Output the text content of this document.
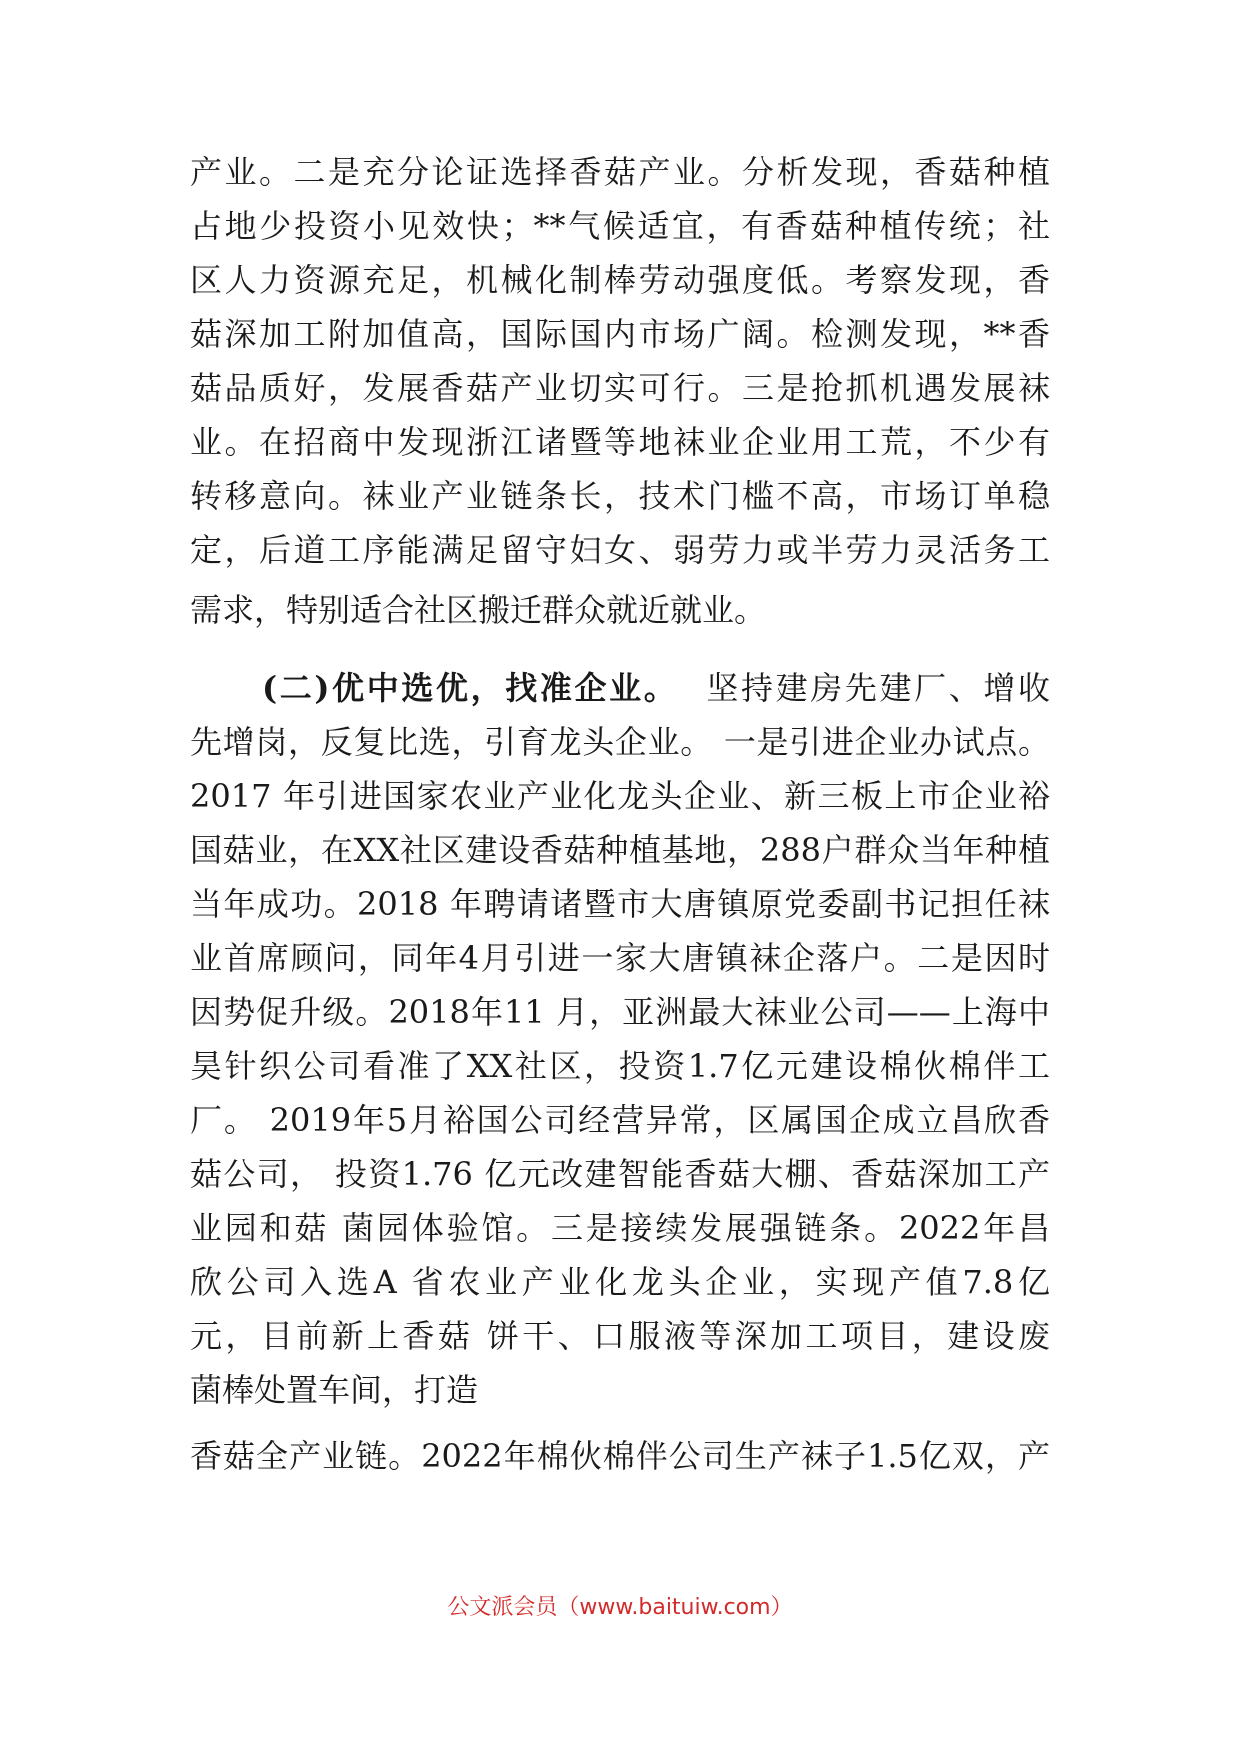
产业。二是充分论证选择香菇产业。分析发现，香菇种植
占地少投资小见效快；**气候适宜，有香菇种植传统；社
区人力资源充足，机械化制棒劳动强度低。考察发现，香
菇深加工附加值高，国际国内市场广阔。检测发现，**香
菇品质好，发展香菇产业切实可行。三是抢抓机遇发展袜
业。在招商中发现浙江诸暨等地袜业企业用工荒，不少有
转移意向。袜业产业链条长，技术门槛不高，市场订单稳
定，后道工序能满足留守妇女、弱劳力或半劳力灵活务工
需求，特别适合社区搬迁群众就近就业。
(二)优中选优，找准企业。 坚持建房先建厂、增收
先增岗，反复比选，引育龙头企业。 一是引进企业办试点。
2017 年引进国家农业产业化龙头企业、新三板上市企业裕
国菇业，在XX社区建设香菇种植基地，288户群众当年种植
当年成功。2018 年聘请诸暨市大唐镇原党委副书记担任袜
业首席顾问，同年4月引进一家大唐镇袜企落户。二是因时
因势促升级。2018年11 月，亚洲最大袜业公司——上海中
昊针织公司看准了XX社区，投资1.7亿元建设棉伙棉伴工
厂。 2019年5月裕国公司经营异常，区属国企成立昌欣香
菇公司， 投资1.76 亿元改建智能香菇大棚、香菇深加工产
业园和菇 菌园体验馆。三是接续发展强链条。2022年昌
欣公司入选A 省农业产业化龙头企业，实现产值7.8亿
元，目前新上香菇 饼干、口服液等深加工项目，建设废
菌棒处置车间，打造
香菇全产业链。2022年棉伙棉伴公司生产袜子1.5亿双，产
公文派会员（www.baituiw.com）
